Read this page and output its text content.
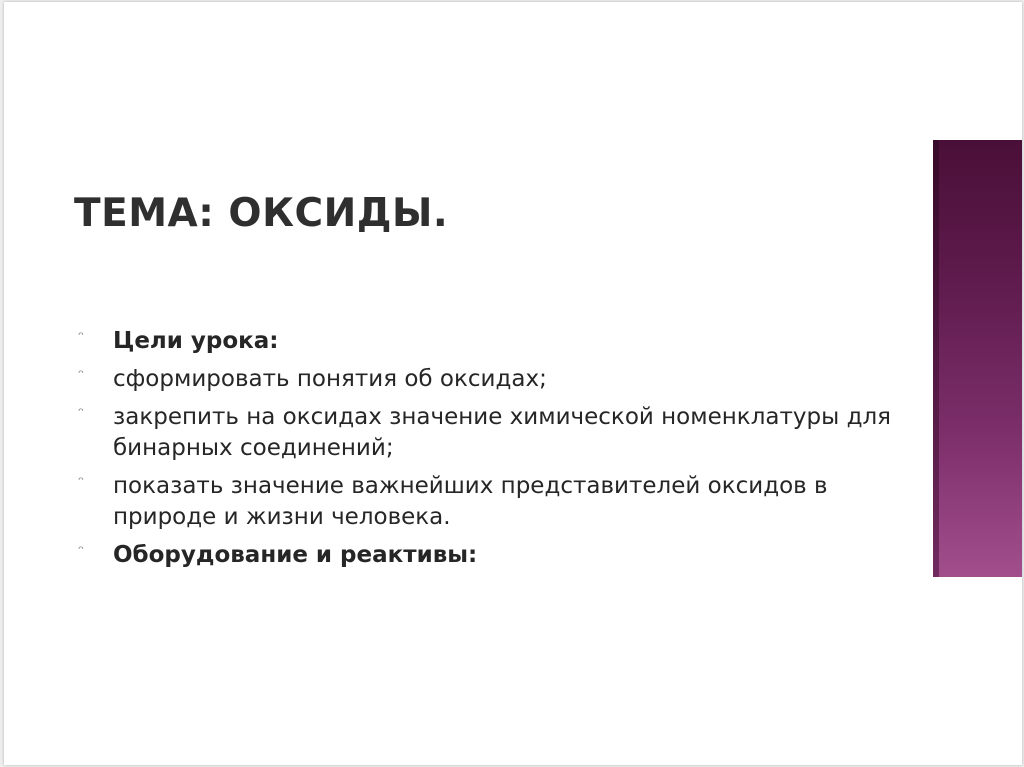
ТЕМА: ОКСИДЫ.
ᵔ Цели урока:
ᵔ сформировать понятия об оксидах;
ᵔ закрепить на оксидах значение химической номенклатуры для бинарных соединений;
ᵔ показать значение важнейших представителей оксидов в природе и жизни человека.
ᵔ Оборудование и реактивы:
